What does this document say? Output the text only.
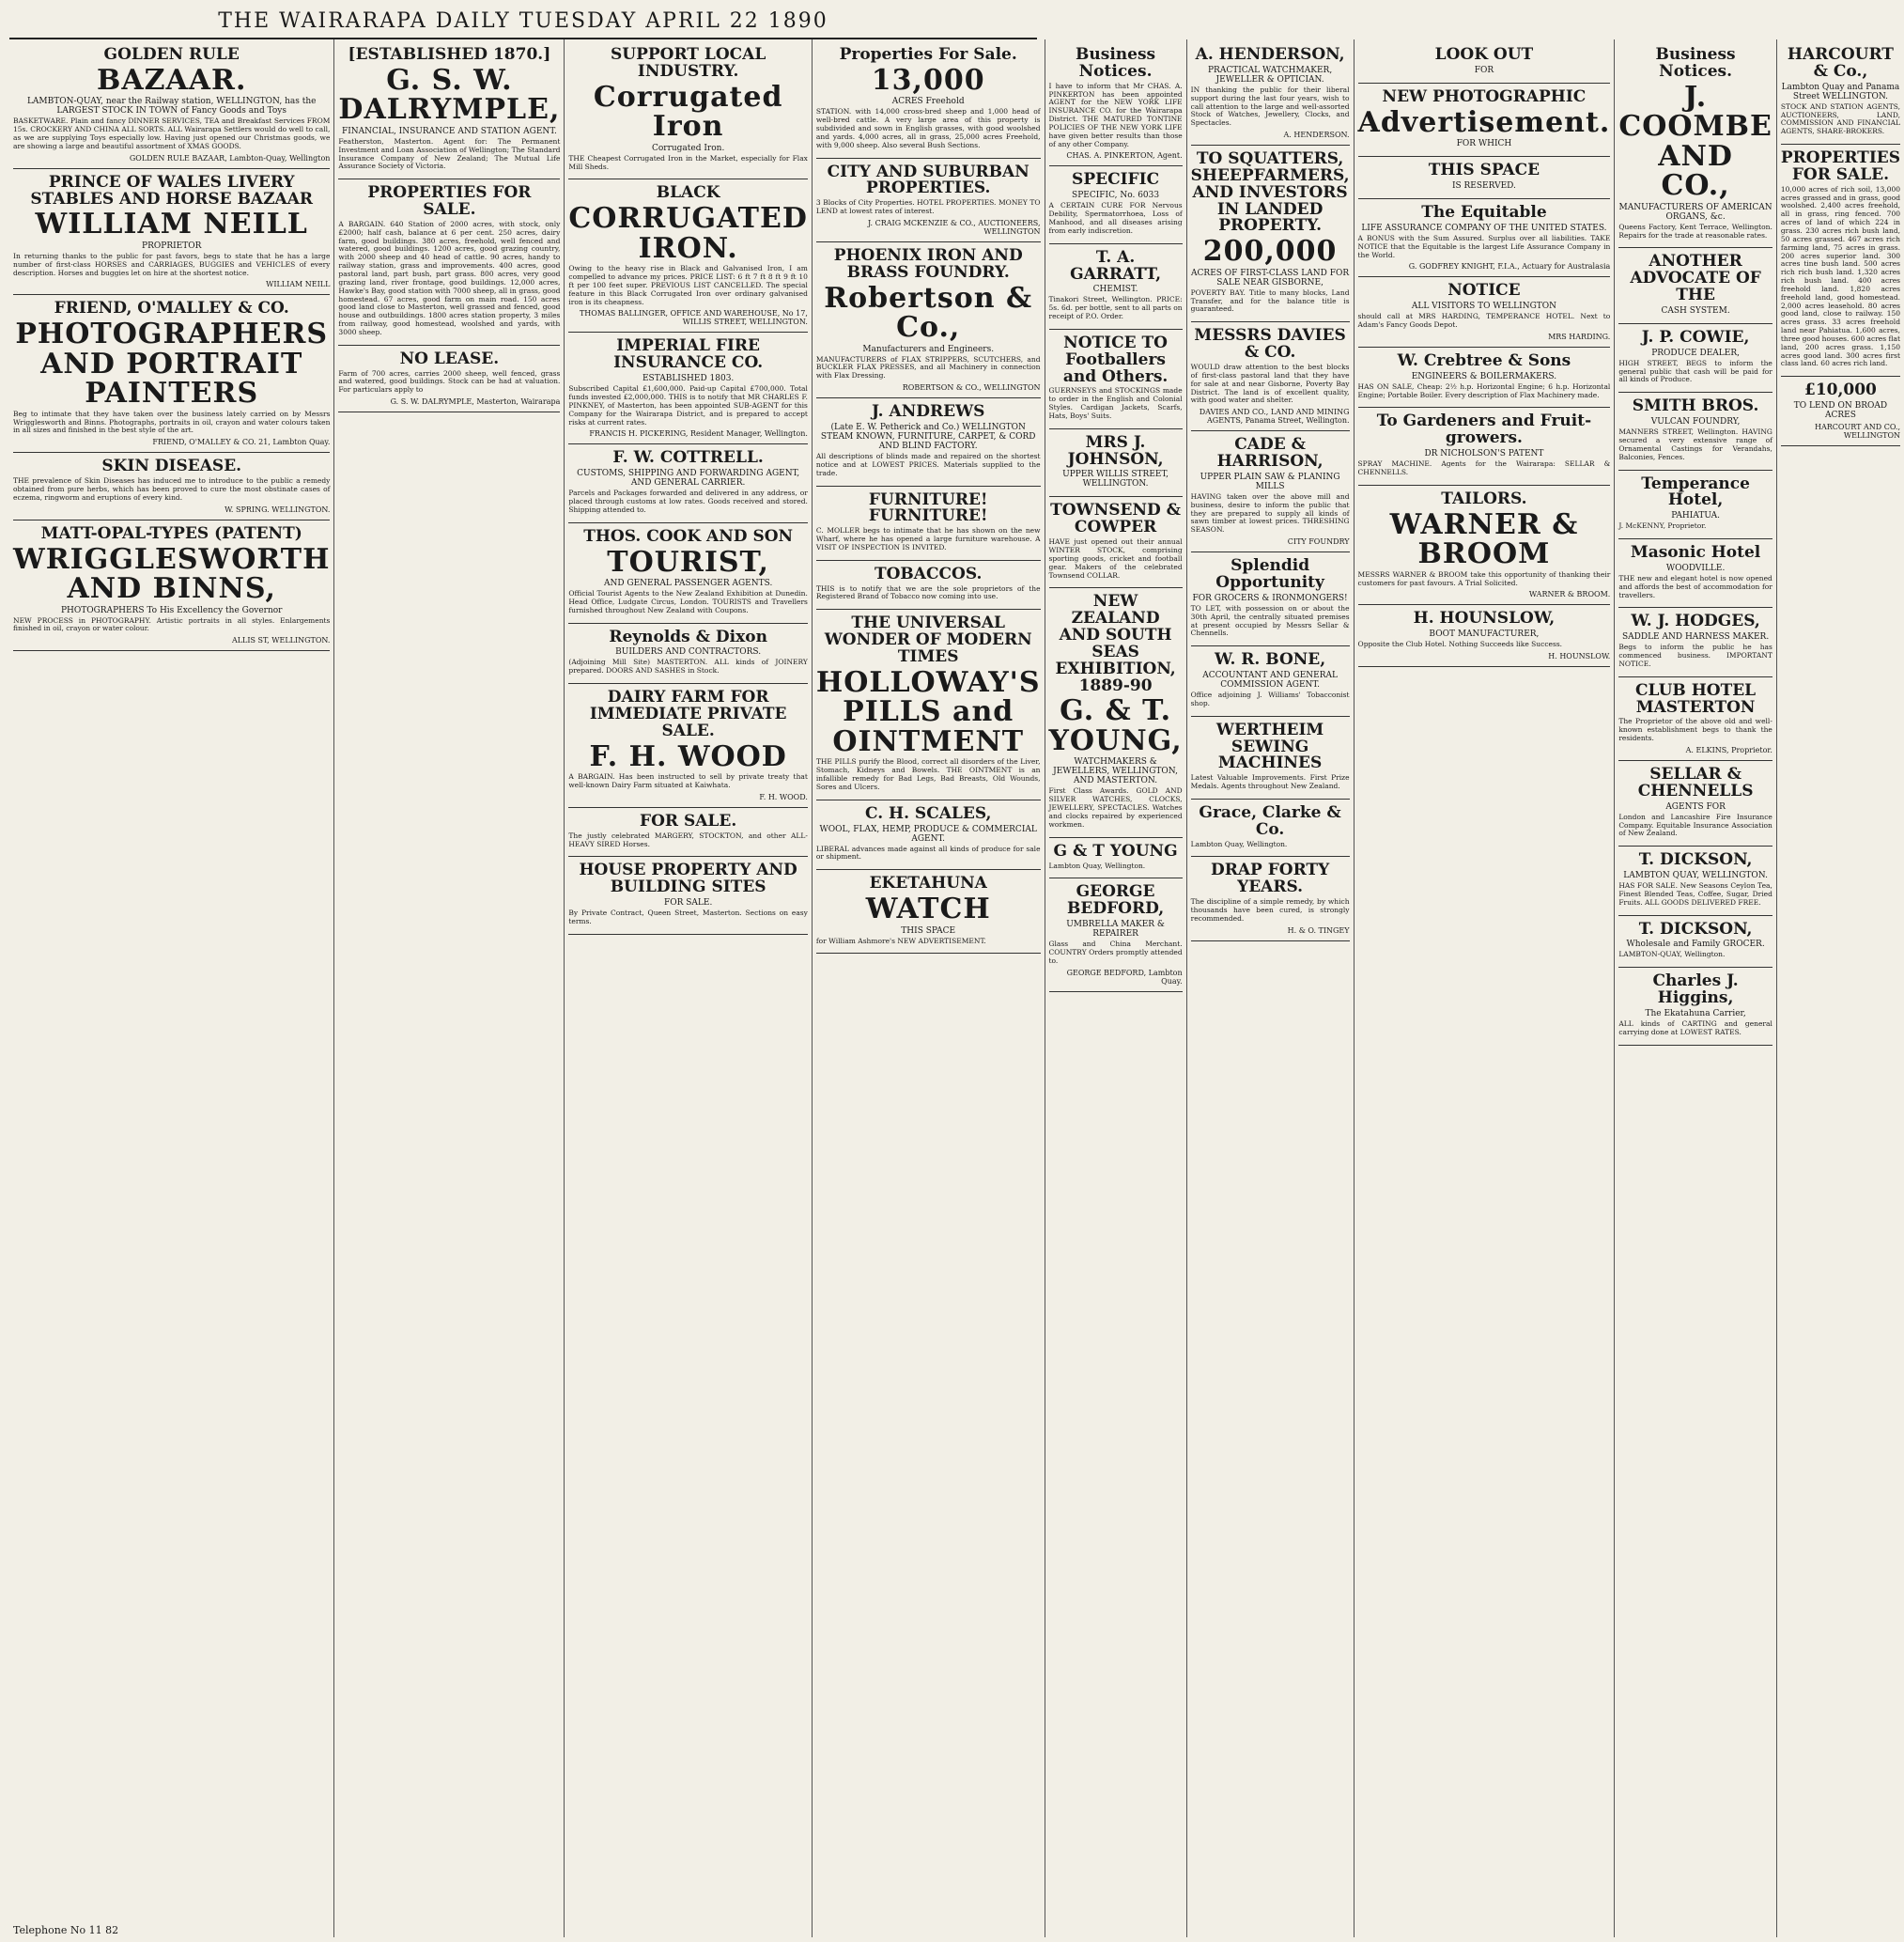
THE WAIRARAPA DAILY TUESDAY APRIL 22 1890
GOLDEN RULE
BAZAAR.
LAMBTON-QUAY, near the Railway station, WELLINGTON, has the LARGEST STOCK IN TOWN of Fancy Goods and Toys

BASKETWARE. Plain and fancy DINNER SERVICES, TEA and Breakfast Services FROM 15s. CROCKERY AND CHINA ALL SORTS. ALL Wairarapa Settlers would do well to call, as we are supplying Toys especially low. Having just opened our Christmas goods, we are showing a large and beautiful assortment of XMAS GOODS.

GOLDEN RULE BAZAAR, Lambton-Quay, Wellington
PRINCE OF WALES LIVERY STABLES AND HORSE BAZAAR
WILLIAM NEILL
PROPRIETOR

In returning thanks to the public for past favors, begs to state that he has a large number of first-class HORSES and CARRIAGES, BUGGIES and VEHICLES of every description. Horses and buggies let on hire at the shortest notice.

WILLIAM NEILL
FRIEND, O'MALLEY & CO.
PHOTOGRAPHERS AND PORTRAIT PAINTERS

Beg to intimate that they have taken over the business lately carried on by Messrs Wrigglesworth and Binns. Photographs, portraits in oil, crayon and water colours taken in all sizes and finished in the best style of the art.

FRIEND, O'MALLEY & CO. 21, Lambton Quay.
SKIN DISEASE.

THE prevalence of Skin Diseases has induced me to introduce to the public a remedy obtained from pure herbs, which has been proved to cure the most obstinate cases of eczema, ringworm and eruptions of every kind.

W. SPRING. WELLINGTON.
MATT-OPAL-TYPES (PATENT)
WRIGGLESWORTH AND BINNS,
PHOTOGRAPHERS To His Excellency the Governor

NEW PROCESS in PHOTOGRAPHY. Artistic portraits in all styles. Enlargements finished in oil, crayon or water colour.

ALLIS ST, WELLINGTON.
[ESTABLISHED 1870.]
G. S. W. DALRYMPLE,
FINANCIAL, INSURANCE AND STATION AGENT.

Featherston, Masterton. Agent for: The Permanent Investment and Loan Association of Wellington; The Standard Insurance Company of New Zealand; The Mutual Life Assurance Society of Victoria.

PROPERTIES FOR SALE.

A BARGAIN. 640 Station of 2000 acres, with stock, only £2000; half cash, balance at 6 per cent. 250 acres, dairy farm, good buildings. 380 acres, freehold, well fenced and watered, good buildings. 1200 acres, good grazing country, with 2000 sheep and 40 head of cattle. 90 acres, handy to railway station, grass and improvements. 400 acres, good pastoral land, part bush, part grass. 800 acres, very good grazing land, river frontage, good buildings. 12,000 acres, Hawke's Bay, good station with 7000 sheep, all in grass, good homestead. 67 acres, good farm on main road. 150 acres good land close to Masterton, well grassed and fenced, good house and outbuildings. 1800 acres station property, 3 miles from railway, good homestead, woolshed and yards, with 3000 sheep.

NO LEASE.

Farm of 700 acres, carries 2000 sheep, well fenced, grass and watered, good buildings. Stock can be had at valuation. For particulars apply to

G. S. W. DALRYMPLE, Masterton, Wairarapa
SUPPORT LOCAL INDUSTRY.
Corrugated Iron
Corrugated Iron.

THE Cheapest Corrugated Iron in the Market, especially for Flax Mill Sheds.

BLACK
CORRUGATED IRON.

Owing to the heavy rise in Black and Galvanised Iron, I am compelled to advance my prices. PRICE LIST: 6 ft 7 ft 8 ft 9 ft 10 ft per 100 feet super. PREVIOUS LIST CANCELLED. The special feature in this Black Corrugated Iron over ordinary galvanised iron is its cheapness.

THOMAS BALLINGER, OFFICE AND WAREHOUSE, No 17, WILLIS STREET, WELLINGTON.
IMPERIAL FIRE INSURANCE CO.
ESTABLISHED 1803.

Subscribed Capital £1,600,000. Paid-up Capital £700,000. Total funds invested £2,000,000. THIS is to notify that MR CHARLES F. PINKNEY, of Masterton, has been appointed SUB-AGENT for this Company for the Wairarapa District, and is prepared to accept risks at current rates.

FRANCIS H. PICKERING, Resident Manager, Wellington.
F. W. COTTRELL.
CUSTOMS, SHIPPING AND FORWARDING AGENT, AND GENERAL CARRIER.

Parcels and Packages forwarded and delivered in any address, or placed through customs at low rates. Goods received and stored. Shipping attended to.

THOS. COOK AND SON
TOURIST,
AND GENERAL PASSENGER AGENTS.

Official Tourist Agents to the New Zealand Exhibition at Dunedin. Head Office, Ludgate Circus, London. TOURISTS and Travellers furnished throughout New Zealand with Coupons.

Reynolds & Dixon
BUILDERS AND CONTRACTORS.

(Adjoining Mill Site) MASTERTON. ALL kinds of JOINERY prepared. DOORS AND SASHES in Stock.

DAIRY FARM FOR IMMEDIATE PRIVATE SALE.
F. H. WOOD

A BARGAIN. Has been instructed to sell by private treaty that well-known Dairy Farm situated at Kaiwhata.

F. H. WOOD.
FOR SALE.

The justly celebrated MARGERY, STOCKTON, and other ALL-HEAVY SIRED Horses.

HOUSE PROPERTY AND BUILDING SITES
FOR SALE.

By Private Contract, Queen Street, Masterton. Sections on easy terms.

Properties For Sale.
13,000
ACRES Freehold

STATION. with 14,000 cross-bred sheep and 1,000 head of well-bred cattle. A very large area of this property is subdivided and sown in English grasses, with good woolshed and yards. 4,000 acres, all in grass, 25,000 acres Freehold, with 9,000 sheep. Also several Bush Sections.

CITY AND SUBURBAN PROPERTIES.

3 Blocks of City Properties. HOTEL PROPERTIES. MONEY TO LEND at lowest rates of interest.

J. CRAIG MCKENZIE & CO., AUCTIONEERS, WELLINGTON
PHOENIX IRON AND BRASS FOUNDRY.
Robertson & Co.,
Manufacturers and Engineers.

MANUFACTURERS of FLAX STRIPPERS, SCUTCHERS, and BUCKLER FLAX PRESSES, and all Machinery in connection with Flax Dressing.

ROBERTSON & CO., WELLINGTON
J. ANDREWS
(Late E. W. Petherick and Co.) WELLINGTON STEAM KNOWN, FURNITURE, CARPET, & CORD AND BLIND FACTORY.

All descriptions of blinds made and repaired on the shortest notice and at LOWEST PRICES. Materials supplied to the trade.

FURNITURE! FURNITURE!

C. MOLLER begs to intimate that he has shown on the new Wharf, where he has opened a large furniture warehouse. A VISIT OF INSPECTION IS INVITED.

TOBACCOS.

THIS is to notify that we are the sole proprietors of the Registered Brand of Tobacco now coming into use.

THE UNIVERSAL WONDER OF MODERN TIMES
HOLLOWAY'S PILLS and OINTMENT

THE PILLS purify the Blood, correct all disorders of the Liver, Stomach, Kidneys and Bowels. THE OINTMENT is an infallible remedy for Bad Legs, Bad Breasts, Old Wounds, Sores and Ulcers.

C. H. SCALES,
WOOL, FLAX, HEMP, PRODUCE & COMMERCIAL AGENT.

LIBERAL advances made against all kinds of produce for sale or shipment.

EKETAHUNA
WATCH
THIS SPACE

for William Ashmore's NEW ADVERTISEMENT.

Business Notices.

I have to inform that Mr CHAS. A. PINKERTON has been appointed AGENT for the NEW YORK LIFE INSURANCE CO. for the Wairarapa District. THE MATURED TONTINE POLICIES OF THE NEW YORK LIFE have given better results than those of any other Company.

CHAS. A. PINKERTON, Agent.
SPECIFIC
SPECIFIC, No. 6033

A CERTAIN CURE FOR Nervous Debility, Spermatorrhoea, Loss of Manhood, and all diseases arising from early indiscretion.

T. A. GARRATT,
CHEMIST.

Tinakori Street, Wellington. PRICE: 5s. 6d. per bottle, sent to all parts on receipt of P.O. Order.

NOTICE TO Footballers and Others.

GUERNSEYS and STOCKINGS made to order in the English and Colonial Styles. Cardigan Jackets, Scarfs, Hats, Boys' Suits.

MRS J. JOHNSON,
UPPER WILLIS STREET, WELLINGTON.
TOWNSEND & COWPER

HAVE just opened out their annual WINTER STOCK, comprising sporting goods, cricket and football gear. Makers of the celebrated Townsend COLLAR.

NEW ZEALAND AND SOUTH SEAS EXHIBITION, 1889-90
G. & T. YOUNG,
WATCHMAKERS & JEWELLERS, WELLINGTON, AND MASTERTON.

First Class Awards. GOLD AND SILVER WATCHES, CLOCKS, JEWELLERY, SPECTACLES. Watches and clocks repaired by experienced workmen.

G & T YOUNG

Lambton Quay, Wellington.

GEORGE BEDFORD,
UMBRELLA MAKER & REPAIRER

Glass and China Merchant. COUNTRY Orders promptly attended to.

GEORGE BEDFORD, Lambton Quay.
A. HENDERSON,
PRACTICAL WATCHMAKER, JEWELLER & OPTICIAN.

IN thanking the public for their liberal support during the last four years, wish to call attention to the large and well-assorted Stock of Watches, Jewellery, Clocks, and Spectacles.

A. HENDERSON.
TO SQUATTERS, SHEEPFARMERS, AND INVESTORS IN LANDED PROPERTY.
200,000
ACRES OF FIRST-CLASS LAND FOR SALE NEAR GISBORNE,

POVERTY BAY. Title to many blocks, Land Transfer, and for the balance title is guaranteed.

MESSRS DAVIES & CO.

WOULD draw attention to the best blocks of first-class pastoral land that they have for sale at and near Gisborne, Poverty Bay District. The land is of excellent quality, with good water and shelter.

DAVIES AND CO., LAND AND MINING AGENTS, Panama Street, Wellington.
CADE & HARRISON,
UPPER PLAIN SAW & PLANING MILLS

HAVING taken over the above mill and business, desire to inform the public that they are prepared to supply all kinds of sawn timber at lowest prices. THRESHING SEASON.

CITY FOUNDRY
Splendid Opportunity
FOR GROCERS & IRONMONGERS!

TO LET, with possession on or about the 30th April, the centrally situated premises at present occupied by Messrs Sellar & Chennells.

W. R. BONE,
ACCOUNTANT AND GENERAL COMMISSION AGENT.

Office adjoining J. Williams' Tobacconist shop.

WERTHEIM SEWING MACHINES

Latest Valuable Improvements. First Prize Medals. Agents throughout New Zealand.

Grace, Clarke & Co.

Lambton Quay, Wellington.

DRAP FORTY YEARS.

The discipline of a simple remedy, by which thousands have been cured, is strongly recommended.

H. & O. TINGEY
LOOK OUT
FOR
NEW PHOTOGRAPHIC
Advertisement.
FOR WHICH
THIS SPACE
IS RESERVED.
The Equitable
LIFE ASSURANCE COMPANY OF THE UNITED STATES.

A BONUS with the Sum Assured. Surplus over all liabilities. TAKE NOTICE that the Equitable is the largest Life Assurance Company in the World.

G. GODFREY KNIGHT, F.I.A., Actuary for Australasia
NOTICE
ALL VISITORS TO WELLINGTON

should call at MRS HARDING, TEMPERANCE HOTEL. Next to Adam's Fancy Goods Depot.

MRS HARDING.
W. Crebtree & Sons
ENGINEERS & BOILERMAKERS.

HAS ON SALE, Cheap: 2½ h.p. Horizontal Engine; 6 h.p. Horizontal Engine; Portable Boiler. Every description of Flax Machinery made.

To Gardeners and Fruit-growers.
DR NICHOLSON'S PATENT

SPRAY MACHINE. Agents for the Wairarapa: SELLAR & CHENNELLS.

TAILORS.
WARNER & BROOM

MESSRS WARNER & BROOM take this opportunity of thanking their customers for past favours. A Trial Solicited.

WARNER & BROOM.
H. HOUNSLOW,
BOOT MANUFACTURER,

Opposite the Club Hotel. Nothing Succeeds like Success.

H. HOUNSLOW.
Business Notices.
J. COOMBE AND CO.,
MANUFACTURERS OF AMERICAN ORGANS, &c.

Queens Factory, Kent Terrace, Wellington. Repairs for the trade at reasonable rates.

ANOTHER ADVOCATE OF THE
CASH SYSTEM.
J. P. COWIE,
PRODUCE DEALER,

HIGH STREET, BEGS to inform the general public that cash will be paid for all kinds of Produce.

SMITH BROS.
VULCAN FOUNDRY,

MANNERS STREET, Wellington. HAVING secured a very extensive range of Ornamental Castings for Verandahs, Balconies, Fences.

Temperance Hotel,
PAHIATUA.

J. McKENNY, Proprietor.

Masonic Hotel
WOODVILLE.

THE new and elegant hotel is now opened and affords the best of accommodation for travellers.

W. J. HODGES,
SADDLE AND HARNESS MAKER.

Begs to inform the public he has commenced business. IMPORTANT NOTICE.

CLUB HOTEL MASTERTON

The Proprietor of the above old and well-known establishment begs to thank the residents.

A. ELKINS, Proprietor.
SELLAR & CHENNELLS
AGENTS FOR

London and Lancashire Fire Insurance Company. Equitable Insurance Association of New Zealand.

T. DICKSON,
LAMBTON QUAY, WELLINGTON.

HAS FOR SALE. New Seasons Ceylon Tea, Finest Blended Teas, Coffee, Sugar, Dried Fruits. ALL GOODS DELIVERED FREE.

T. DICKSON,
Wholesale and Family GROCER.

LAMBTON-QUAY, Wellington.

Charles J. Higgins,
The Ekatahuna Carrier,

ALL kinds of CARTING and general carrying done at LOWEST RATES.

HARCOURT & Co.,
Lambton Quay and Panama Street WELLINGTON.

STOCK AND STATION AGENTS, AUCTIONEERS, LAND, COMMISSION AND FINANCIAL AGENTS, SHARE-BROKERS.

PROPERTIES FOR SALE.

10,000 acres of rich soil, 13,000 acres grassed and in grass, good woolshed. 2,400 acres freehold, all in grass, ring fenced. 700 acres of land of which 224 in grass. 230 acres rich bush land, 50 acres grassed. 467 acres rich farming land, 75 acres in grass. 200 acres superior land. 300 acres tine bush land. 500 acres rich rich bush land. 1,320 acres rich bush land. 400 acres freehold land. 1,820 acres freehold land, good homestead. 2,000 acres leasehold. 80 acres good land, close to railway. 150 acres grass. 33 acres freehold land near Pahiatua. 1,600 acres, three good houses. 600 acres flat land, 200 acres grass. 1,150 acres good land. 300 acres first class land. 60 acres rich land.

£10,000
TO LEND ON BROAD ACRES
HARCOURT AND CO., WELLINGTON
Telephone No 11 82
